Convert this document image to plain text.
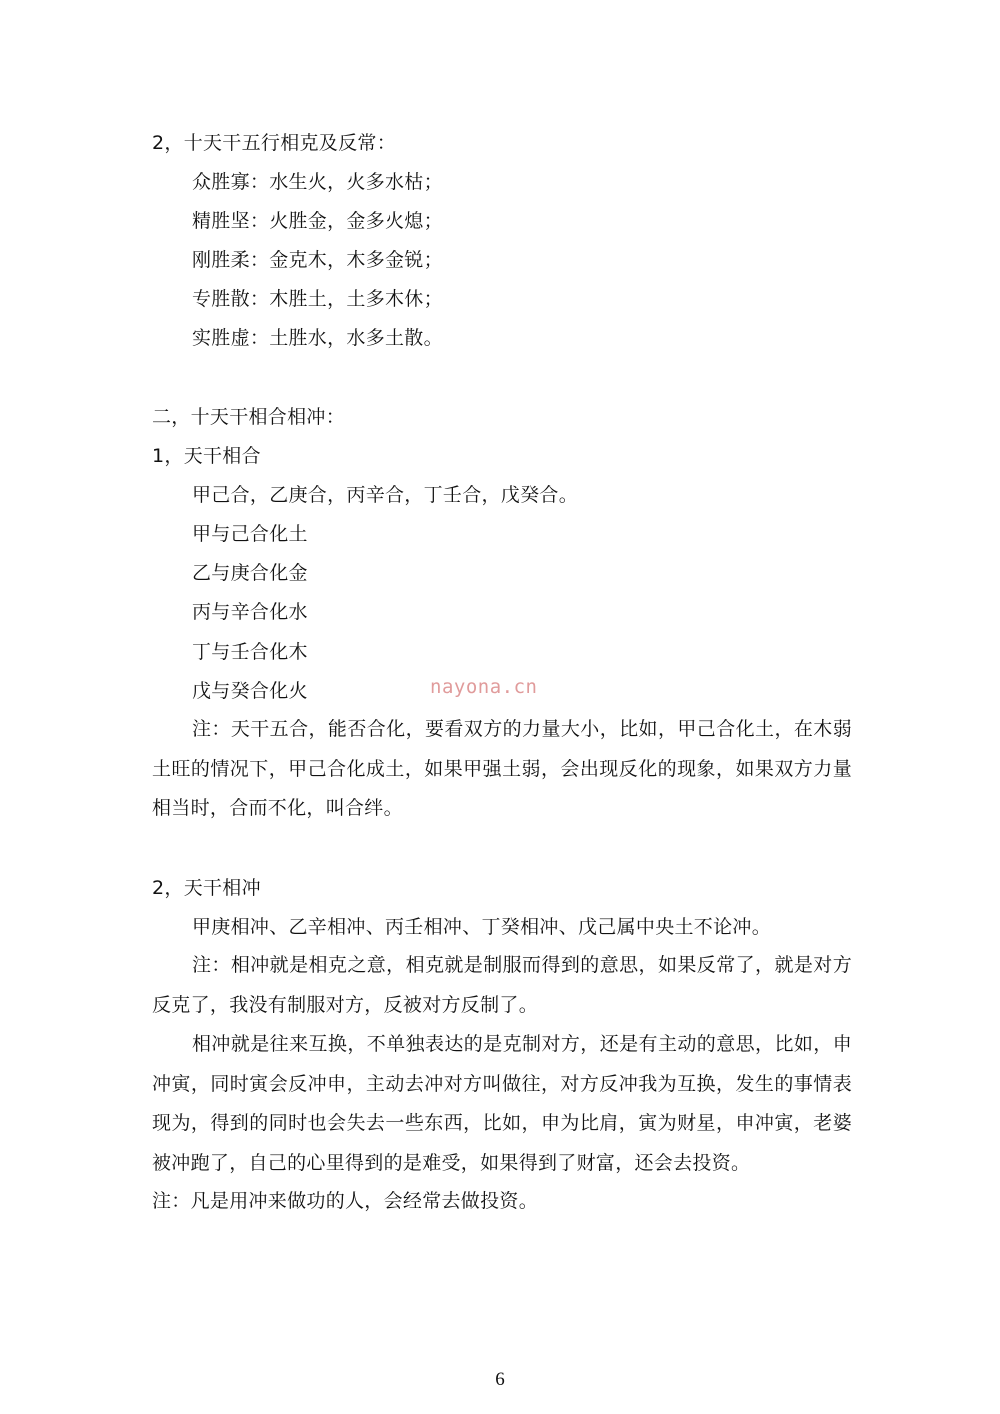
2，十天干五行相克及反常：
众胜寡：水生火，火多水枯；
精胜坚：火胜金，金多火熄；
刚胜柔：金克木，木多金锐；
专胜散：木胜土，土多木休；
实胜虚：土胜水，水多土散。
二，十天干相合相冲：
1，天干相合
甲己合，乙庚合，丙辛合，丁壬合，戊癸合。
甲与己合化土
乙与庚合化金
丙与辛合化水
丁与壬合化木
戊与癸合化火	nayona.cn
注：天干五合，能否合化，要看双方的力量大小，比如，甲己合化土，在木弱土旺的情况下，甲己合化成土，如果甲强土弱，会出现反化的现象，如果双方力量相当时，合而不化，叫合绊。
2，天干相冲
甲庚相冲、乙辛相冲、丙壬相冲、丁癸相冲、戊己属中央土不论冲。
注：相冲就是相克之意，相克就是制服而得到的意思，如果反常了，就是对方反克了，我没有制服对方，反被对方反制了。
相冲就是往来互换，不单独表达的是克制对方，还是有主动的意思，比如，申冲寅，同时寅会反冲申，主动去冲对方叫做往，对方反冲我为互换，发生的事情表现为，得到的同时也会失去一些东西，比如，申为比肩，寅为财星，申冲寅，老婆被冲跑了，自己的心里得到的是难受，如果得到了财富，还会去投资。
注：凡是用冲来做功的人，会经常去做投资。
6
